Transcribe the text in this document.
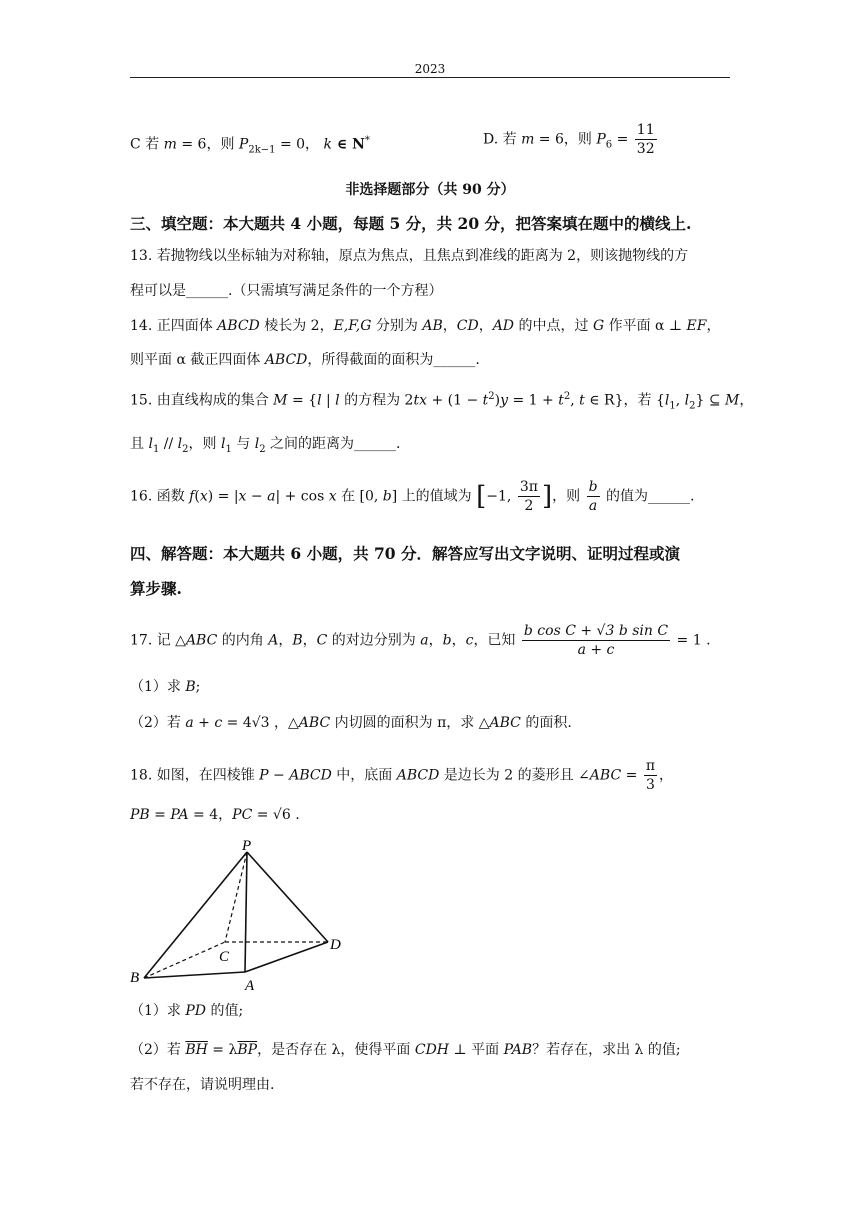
2023
C 若 m = 6，则 $P_{2k-1} = 0$， k ∈ N*	D. 若 m = 6，则 $P_6 = \frac{11}{32}$
非选择题部分（共 90 分）
三、填空题：本大题共 4 小题，每题 5 分，共 20 分，把答案填在题中的横线上.
13. 若抛物线以坐标轴为对称轴，原点为焦点，且焦点到准线的距离为 2，则该抛物线的方
程可以是______.（只需填写满足条件的一个方程）
14. 正四面体 ABCD 棱长为 2，E,F,G 分别为 AB，CD，AD 的中点，过 G 作平面 α ⊥ EF，
则平面 α 截正四面体 ABCD，所得截面的面积为______.
15. 由直线构成的集合 M = {l | l 的方程为 $2tx + (1 - t^2)y = 1 + t^2$, t ∈ R}，若 {$l_1$, $l_2$} ⊆ M，
且 $l_1 // l_2$，则 $l_1$ 与 $l_2$ 之间的距离为______.
16. 函数 f(x) = |x − a| + cos x 在 [0, b] 上的值域为 [−1, $\frac{3\pi}{2}$ ]，则 $\frac{b}{a}$ 的值为______.
四、解答题：本大题共 6 小题，共 70 分．解答应写出文字说明、证明过程或演
算步骤.
17. 记 △ABC 的内角 A，B，C 的对边分别为 a，b，c，已知 $\frac{\text{b cos C + √3 b sin C}}{a + c} = 1$ .
（1）求 B;
（2）若 a + c = 4√3 ，△ABC 内切圆的面积为 π，求 △ABC 的面积.
18. 如图，在四棱锥 P − ABCD 中，底面 ABCD 是边长为 2 的菱形且 ∠ABC = $\frac{\pi}{3}$ ，
PB = PA = 4，PC = √6 .
P
B
C
D
A
（1）求 PD 的值;
（2）若 $\overline{BH} = \lambda\overline{BP}$，是否存在 λ，使得平面 CDH ⊥ 平面 PAB？若存在，求出 λ 的值;
若不存在，请说明理由.
